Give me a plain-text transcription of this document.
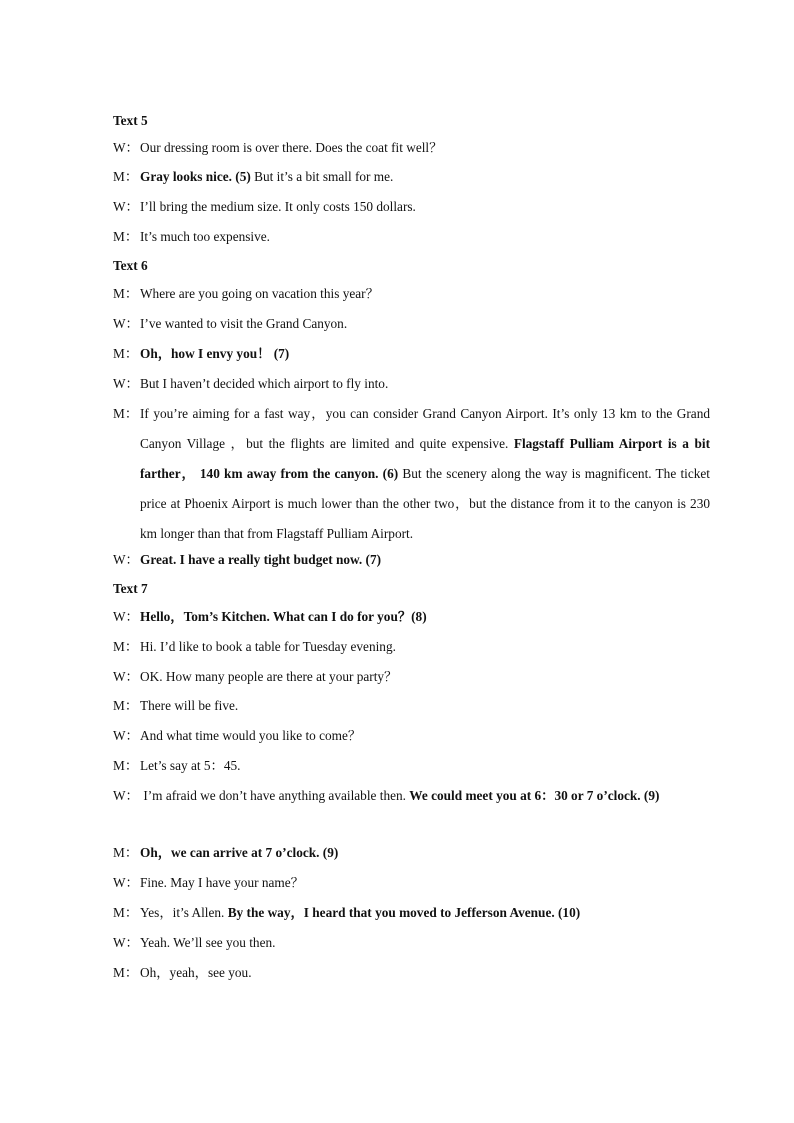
Text 5
W：Our dressing room is over there. Does the coat fit well？
M： Gray looks nice. (5) But it’s a bit small for me.
W：I’ll bring the medium size. It only costs 150 dollars.
M： It’s much too expensive.
Text 6
M： Where are you going on vacation this year？
W：I’ve wanted to visit the Grand Canyon.
M： Oh，how I envy you！ (7)
W：But I haven’t decided which airport to fly into.
M： If you’re aiming for a fast way，you can consider Grand Canyon Airport. It’s only 13 km to the Grand Canyon Village ，but the flights are limited and quite expensive. Flagstaff Pulliam Airport is a bit farther， 140 km away from the canyon. (6) But the scenery along the way is magnificent. The ticket price at Phoenix Airport is much lower than the other two，but the distance from it to the canyon is 230 km longer than that from Flagstaff Pulliam Airport.
W：Great. I have a really tight budget now. (7)
Text 7
W：Hello，Tom’s Kitchen. What can I do for you？(8)
M： Hi. I’d like to book a table for Tuesday evening.
W：OK. How many people are there at your party？
M： There will be five.
W：And what time would you like to come？
M： Let’s say at 5：45.
W： I’m afraid we don’t have anything available then. We could meet you at 6：30 or 7 o’clock. (9)
M： Oh，we can arrive at 7 o’clock. (9)
W：Fine. May I have your name？
M： Yes，it’s Allen. By the way，I heard that you moved to Jefferson Avenue. (10)
W：Yeah. We’ll see you then.
M： Oh，yeah，see you.
